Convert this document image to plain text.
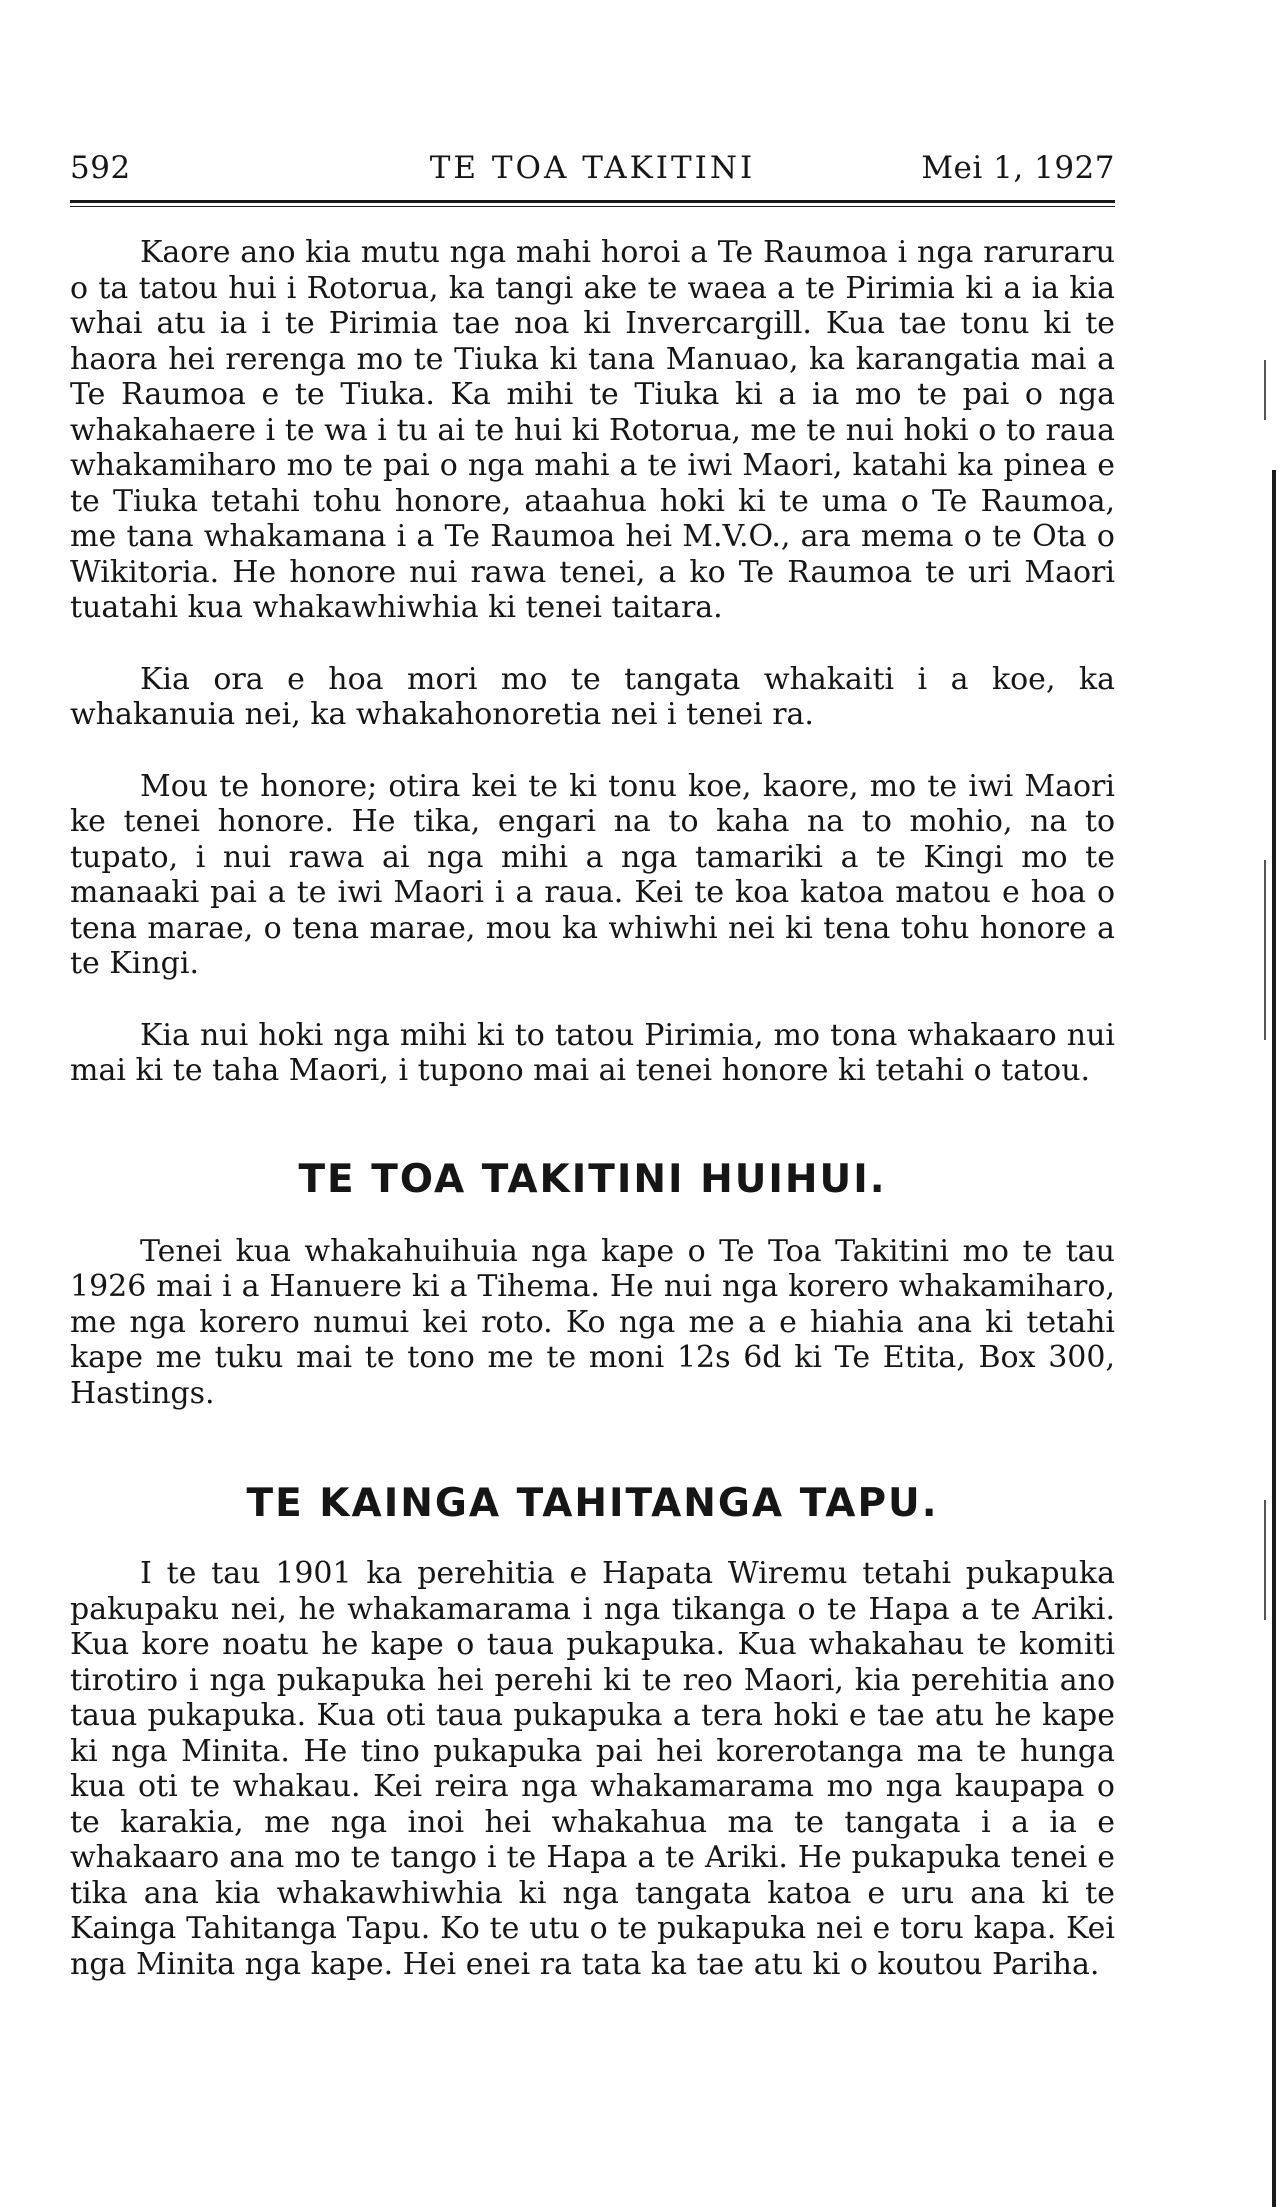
592	TE TOA TAKITINI	Mei 1, 1927

Kaore ano kia mutu nga mahi horoi a Te Raumoa i nga raruraru o ta tatou hui i Rotorua, ka tangi ake te waea a te Pirimia ki a ia kia whai atu ia i te Pirimia tae noa ki Invercargill. Kua tae tonu ki te haora hei rerenga mo te Tiuka ki tana Manuao, ka karangatia mai a Te Raumoa e te Tiuka. Ka mihi te Tiuka ki a ia mo te pai o nga whakahaere i te wa i tu ai te hui ki Rotorua, me te nui hoki o to raua whakamiharo mo te pai o nga mahi a te iwi Maori, katahi ka pinea e te Tiuka tetahi tohu honore, ataahua hoki ki te uma o Te Raumoa, me tana whakamana i a Te Raumoa hei M.V.O., ara mema o te Ota o Wikitoria. He honore nui rawa tenei, a ko Te Raumoa te uri Maori tuatahi kua whakawhiwhia ki tenei taitara.

Kia ora e hoa mori mo te tangata whakaiti i a koe, ka whakanuia nei, ka whakahonoretia nei i tenei ra.

Mou te honore; otira kei te ki tonu koe, kaore, mo te iwi Maori ke tenei honore. He tika, engari na to kaha na to mohio, na to tupato, i nui rawa ai nga mihi a nga tamariki a te Kingi mo te manaaki pai a te iwi Maori i a raua. Kei te koa katoa matou e hoa o tena marae, o tena marae, mou ka whiwhi nei ki tena tohu honore a te Kingi.

Kia nui hoki nga mihi ki to tatou Pirimia, mo tona whakaaro nui mai ki te taha Maori, i tupono mai ai tenei honore ki tetahi o tatou.

TE TOA TAKITINI HUIHUI.

Tenei kua whakahuihuia nga kape o Te Toa Takitini mo te tau 1926 mai i a Hanuere ki a Tihema. He nui nga korero whakamiharo, me nga korero numui kei roto. Ko nga me a e hiahia ana ki tetahi kape me tuku mai te tono me te moni 12s 6d ki Te Etita, Box 300, Hastings.

TE KAINGA TAHITANGA TAPU.

I te tau 1901 ka perehitia e Hapata Wiremu tetahi pukapuka pakupaku nei, he whakamarama i nga tikanga o te Hapa a te Ariki. Kua kore noatu he kape o taua pukapuka. Kua whakahau te komiti tirotiro i nga pukapuka hei perehi ki te reo Maori, kia perehitia ano taua pukapuka. Kua oti taua pukapuka a tera hoki e tae atu he kape ki nga Minita. He tino pukapuka pai hei korerotanga ma te hunga kua oti te whakau. Kei reira nga whakamarama mo nga kaupapa o te karakia, me nga inoi hei whakahua ma te tangata i a ia e whakaaro ana mo te tango i te Hapa a te Ariki. He pukapuka tenei e tika ana kia whakawhiwhia ki nga tangata katoa e uru ana ki te Kainga Tahitanga Tapu. Ko te utu o te pukapuka nei e toru kapa. Kei nga Minita nga kape. Hei enei ra tata ka tae atu ki o koutou Pariha.
